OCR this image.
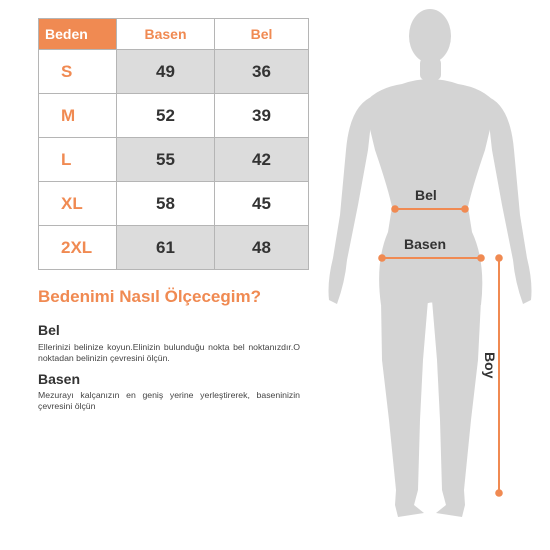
Beden	Basen	Bel
S	49	36
M	52	39
L	55	42
XL	58	45
2XL	61	48
Bedenimi Nasıl Ölçecegim?
Bel

Ellerinizi belinize koyun.Elinizin bulunduğu nokta bel noktanızdır.O noktadan belinizin çevresini ölçün.

Basen

Mezurayı kalçanızın en geniş yerine yerleştirerek, baseninizin çevresini ölçün

Bel
Basen
Boy
